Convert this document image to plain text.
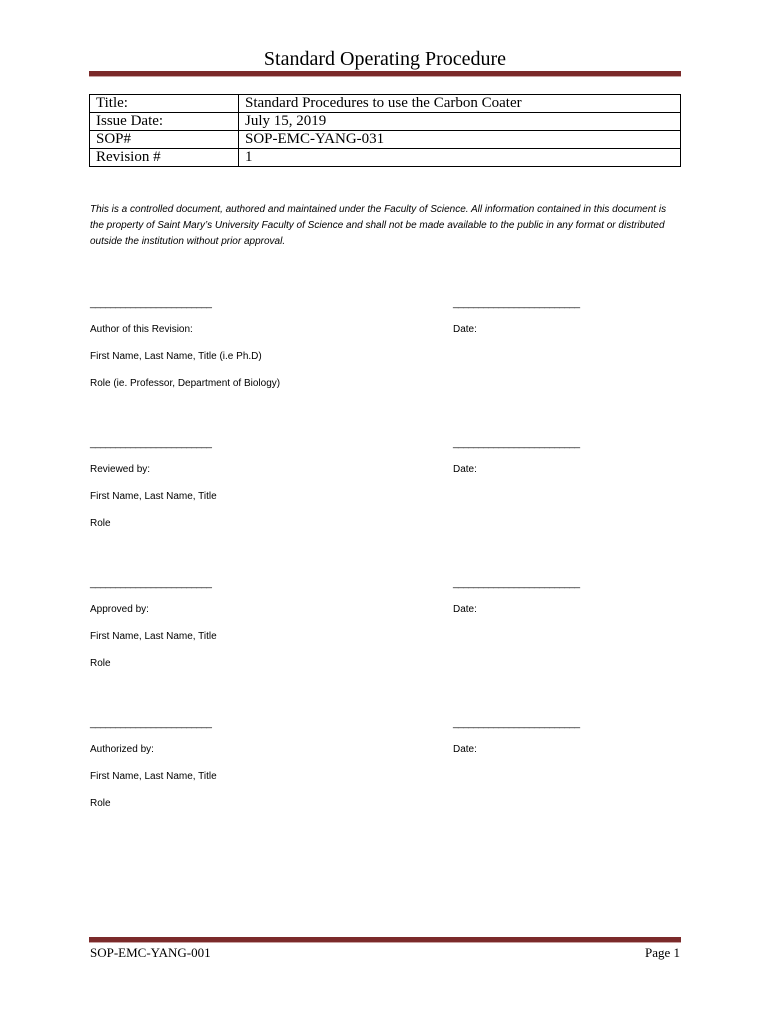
Standard Operating Procedure
Title:	Standard Procedures to use the Carbon Coater
Issue Date:	July 15, 2019
SOP#	SOP-EMC-YANG-031
Revision #	1
This is a controlled document, authored and maintained under the Faculty of Science. All information contained in this document is the property of Saint Mary’s University Faculty of Science and shall not be made available to the public in any format or distributed outside the institution without prior approval.
________________________	_________________________
Author of this Revision:	Date:
First Name, Last Name, Title (i.e Ph.D)
Role (ie. Professor, Department of Biology)
________________________	_________________________
Reviewed by:	Date:
First Name, Last Name, Title
Role
________________________	_________________________
Approved by:	Date:
First Name, Last Name, Title
Role
________________________	_________________________
Authorized by:	Date:
First Name, Last Name, Title
Role
SOP-EMC-YANG-001	Page 1
